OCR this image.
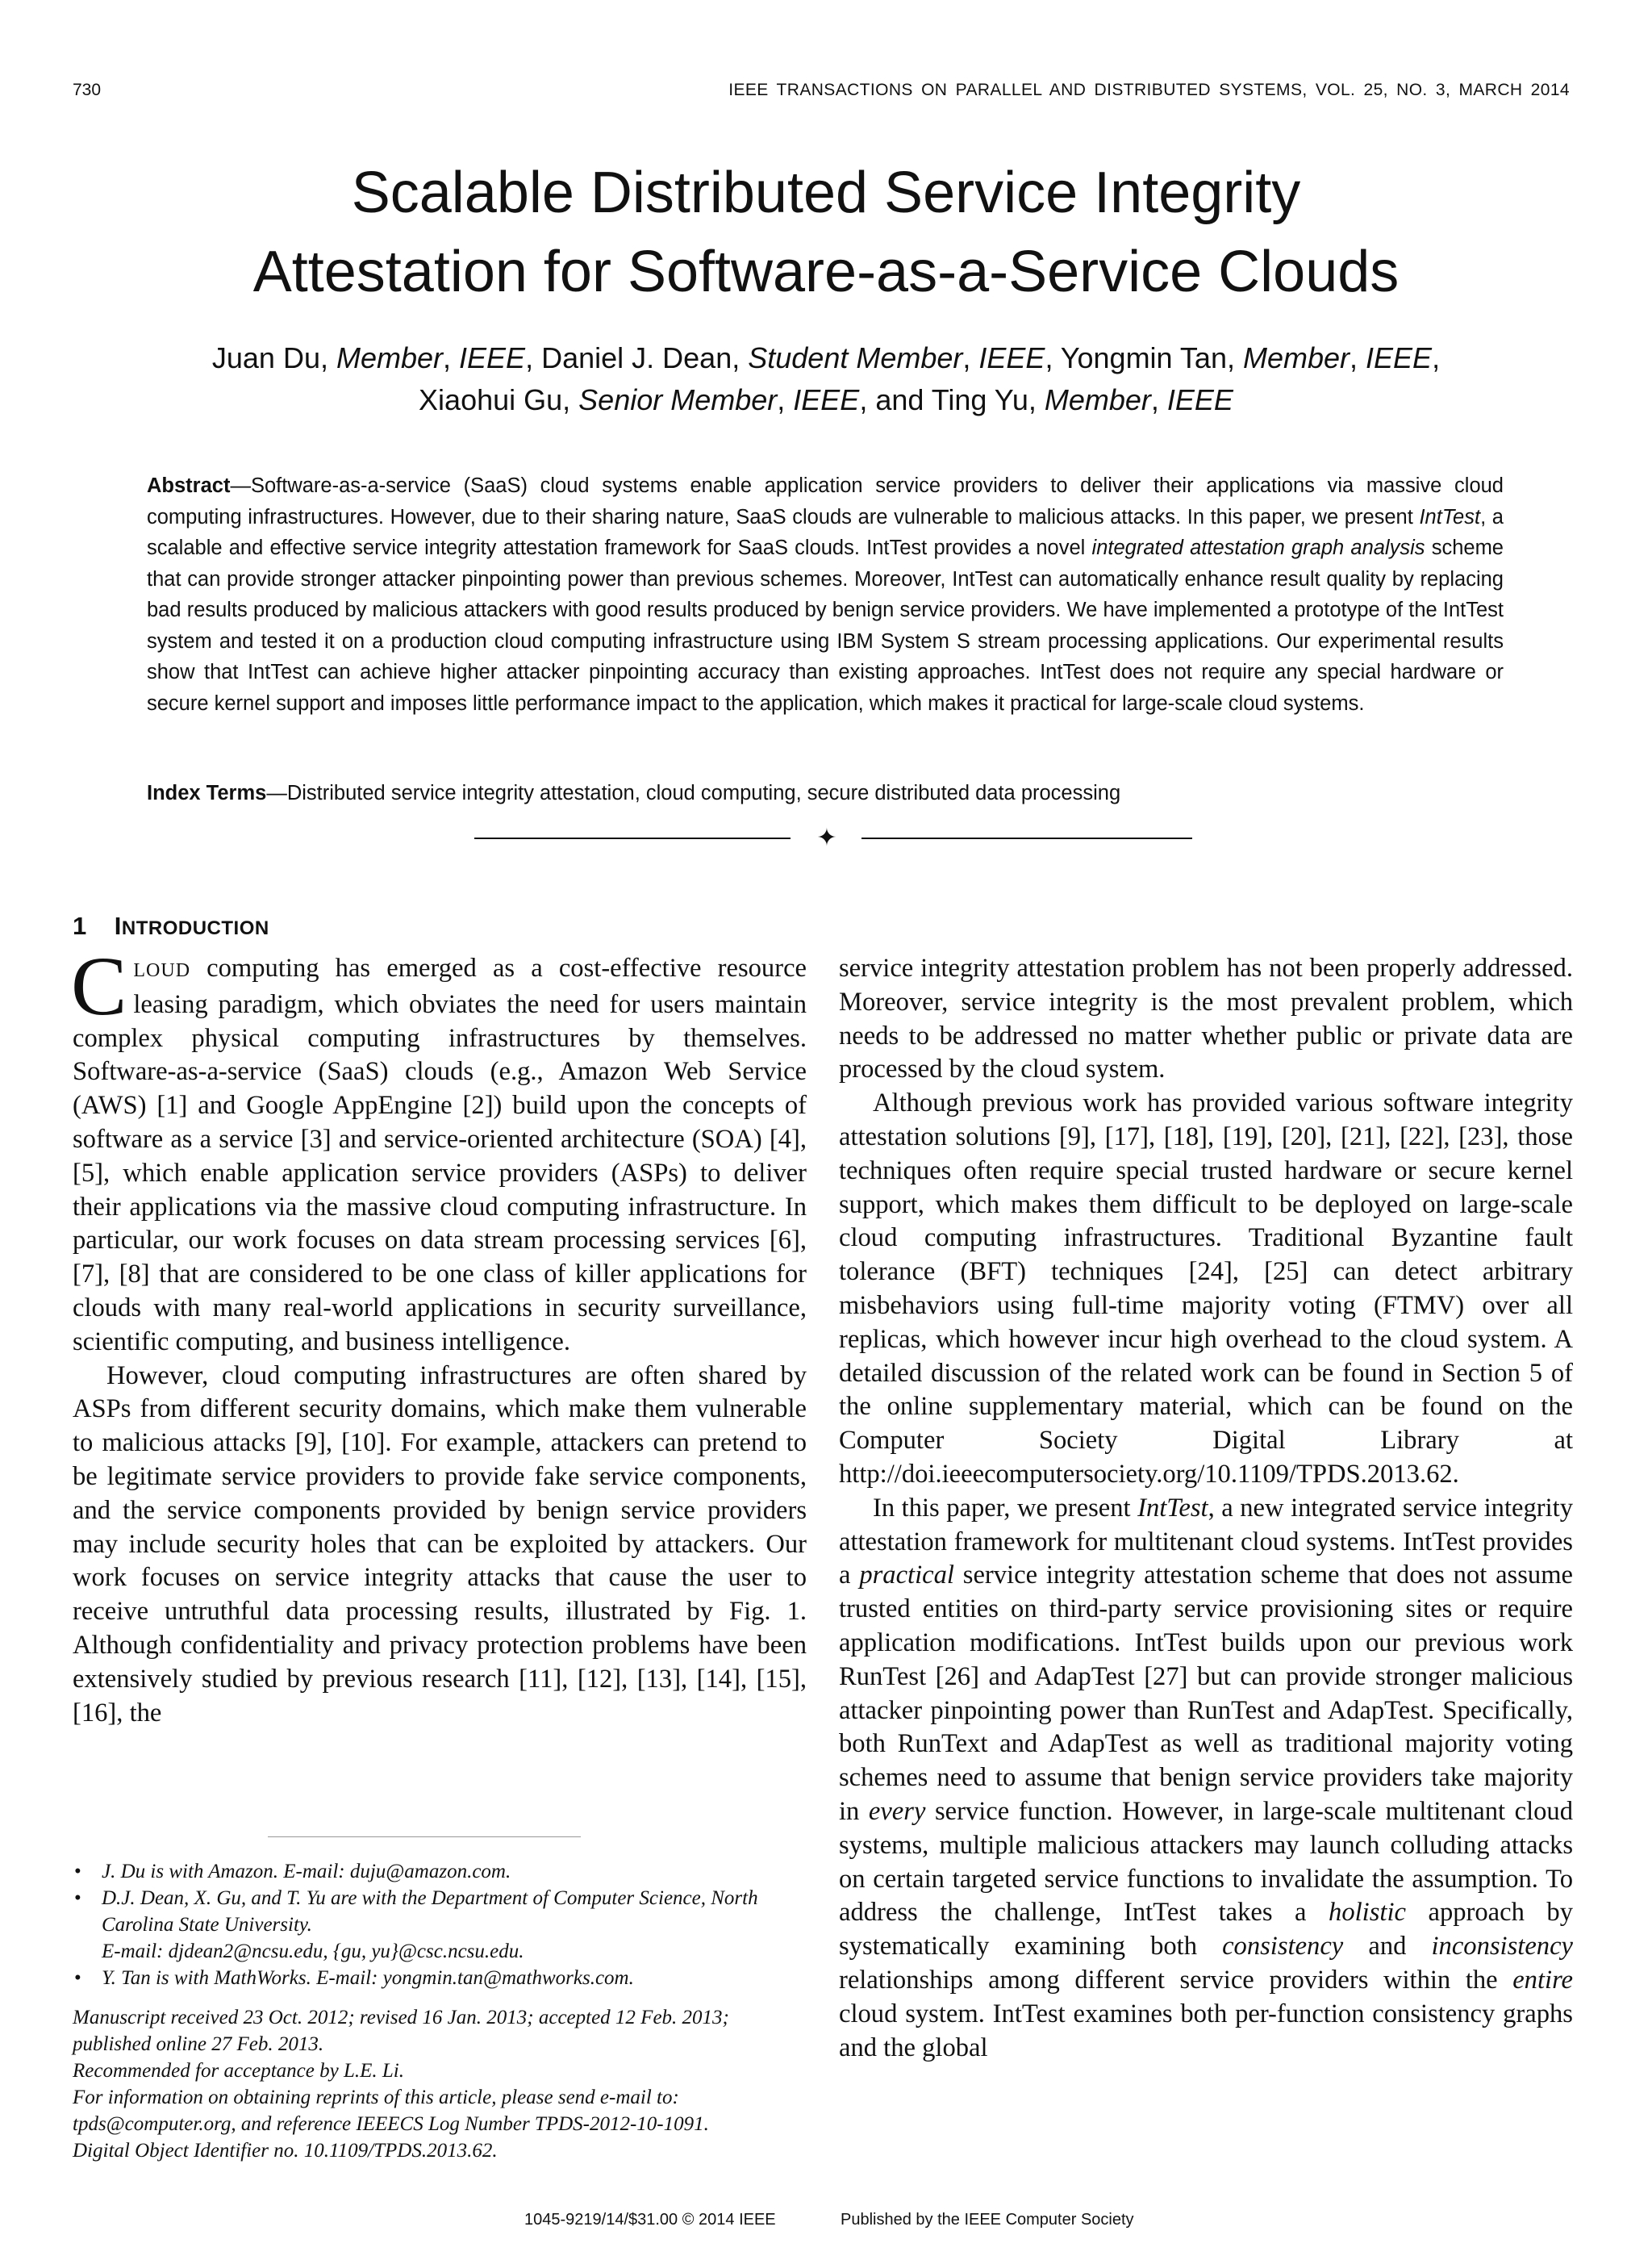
730	IEEE TRANSACTIONS ON PARALLEL AND DISTRIBUTED SYSTEMS, VOL. 25, NO. 3, MARCH 2014
Scalable Distributed Service Integrity
Attestation for Software-as-a-Service Clouds
Juan Du, Member, IEEE, Daniel J. Dean, Student Member, IEEE, Yongmin Tan, Member, IEEE,
Xiaohui Gu, Senior Member, IEEE, and Ting Yu, Member, IEEE
Abstract—Software-as-a-service (SaaS) cloud systems enable application service providers to deliver their applications via massive cloud computing infrastructures. However, due to their sharing nature, SaaS clouds are vulnerable to malicious attacks. In this paper, we present IntTest, a scalable and effective service integrity attestation framework for SaaS clouds. IntTest provides a novel integrated attestation graph analysis scheme that can provide stronger attacker pinpointing power than previous schemes. Moreover, IntTest can automatically enhance result quality by replacing bad results produced by malicious attackers with good results produced by benign service providers. We have implemented a prototype of the IntTest system and tested it on a production cloud computing infrastructure using IBM System S stream processing applications. Our experimental results show that IntTest can achieve higher attacker pinpointing accuracy than existing approaches. IntTest does not require any special hardware or secure kernel support and imposes little performance impact to the application, which makes it practical for large-scale cloud systems.
Index Terms—Distributed service integrity attestation, cloud computing, secure distributed data processing
✦
1 INTRODUCTION

CLOUD computing has emerged as a cost-effective resource leasing paradigm, which obviates the need for users maintain complex physical computing infrastructures by themselves. Software-as-a-service (SaaS) clouds (e.g., Amazon Web Service (AWS) [1] and Google AppEngine [2]) build upon the concepts of software as a service [3] and service-oriented architecture (SOA) [4], [5], which enable application service providers (ASPs) to deliver their applications via the massive cloud computing infrastructure. In particular, our work focuses on data stream processing services [6], [7], [8] that are considered to be one class of killer applications for clouds with many real-world applications in security surveillance, scientific computing, and business intelligence.

However, cloud computing infrastructures are often shared by ASPs from different security domains, which make them vulnerable to malicious attacks [9], [10]. For example, attackers can pretend to be legitimate service providers to provide fake service components, and the service components provided by benign service providers may include security holes that can be exploited by attackers. Our work focuses on service integrity attacks that cause the user to receive untruthful data processing results, illustrated by Fig. 1. Although confidentiality and privacy protection problems have been extensively studied by previous research [11], [12], [13], [14], [15], [16], the

• J. Du is with Amazon. E-mail: duju@amazon.com.
• D.J. Dean, X. Gu, and T. Yu are with the Department of Computer Science, North Carolina State University.
E-mail: djdean2@ncsu.edu, {gu, yu}@csc.ncsu.edu.
• Y. Tan is with MathWorks. E-mail: yongmin.tan@mathworks.com.
Manuscript received 23 Oct. 2012; revised 16 Jan. 2013; accepted 12 Feb. 2013; published online 27 Feb. 2013.
Recommended for acceptance by L.E. Li.
For information on obtaining reprints of this article, please send e-mail to: tpds@computer.org, and reference IEEECS Log Number TPDS-2012-10-1091.
Digital Object Identifier no. 10.1109/TPDS.2013.62.

service integrity attestation problem has not been properly addressed. Moreover, service integrity is the most prevalent problem, which needs to be addressed no matter whether public or private data are processed by the cloud system.

Although previous work has provided various software integrity attestation solutions [9], [17], [18], [19], [20], [21], [22], [23], those techniques often require special trusted hardware or secure kernel support, which makes them difficult to be deployed on large-scale cloud computing infrastructures. Traditional Byzantine fault tolerance (BFT) techniques [24], [25] can detect arbitrary misbehaviors using full-time majority voting (FTMV) over all replicas, which however incur high overhead to the cloud system. A detailed discussion of the related work can be found in Section 5 of the online supplementary material, which can be found on the Computer Society Digital Library at http://doi.ieeecomputersociety.org/10.1109/TPDS.2013.62.

In this paper, we present IntTest, a new integrated service integrity attestation framework for multitenant cloud systems. IntTest provides a practical service integrity attestation scheme that does not assume trusted entities on third-party service provisioning sites or require application modifications. IntTest builds upon our previous work RunTest [26] and AdapTest [27] but can provide stronger malicious attacker pinpointing power than RunTest and AdapTest. Specifically, both RunText and AdapTest as well as traditional majority voting schemes need to assume that benign service providers take majority in every service function. However, in large-scale multitenant cloud systems, multiple malicious attackers may launch colluding attacks on certain targeted service functions to invalidate the assumption. To address the challenge, IntTest takes a holistic approach by systematically examining both consistency and inconsistency relationships among different service providers within the entire cloud system. IntTest examines both per-function consistency graphs and the global

1045-9219/14/$31.00 © 2014 IEEE	Published by the IEEE Computer Society
